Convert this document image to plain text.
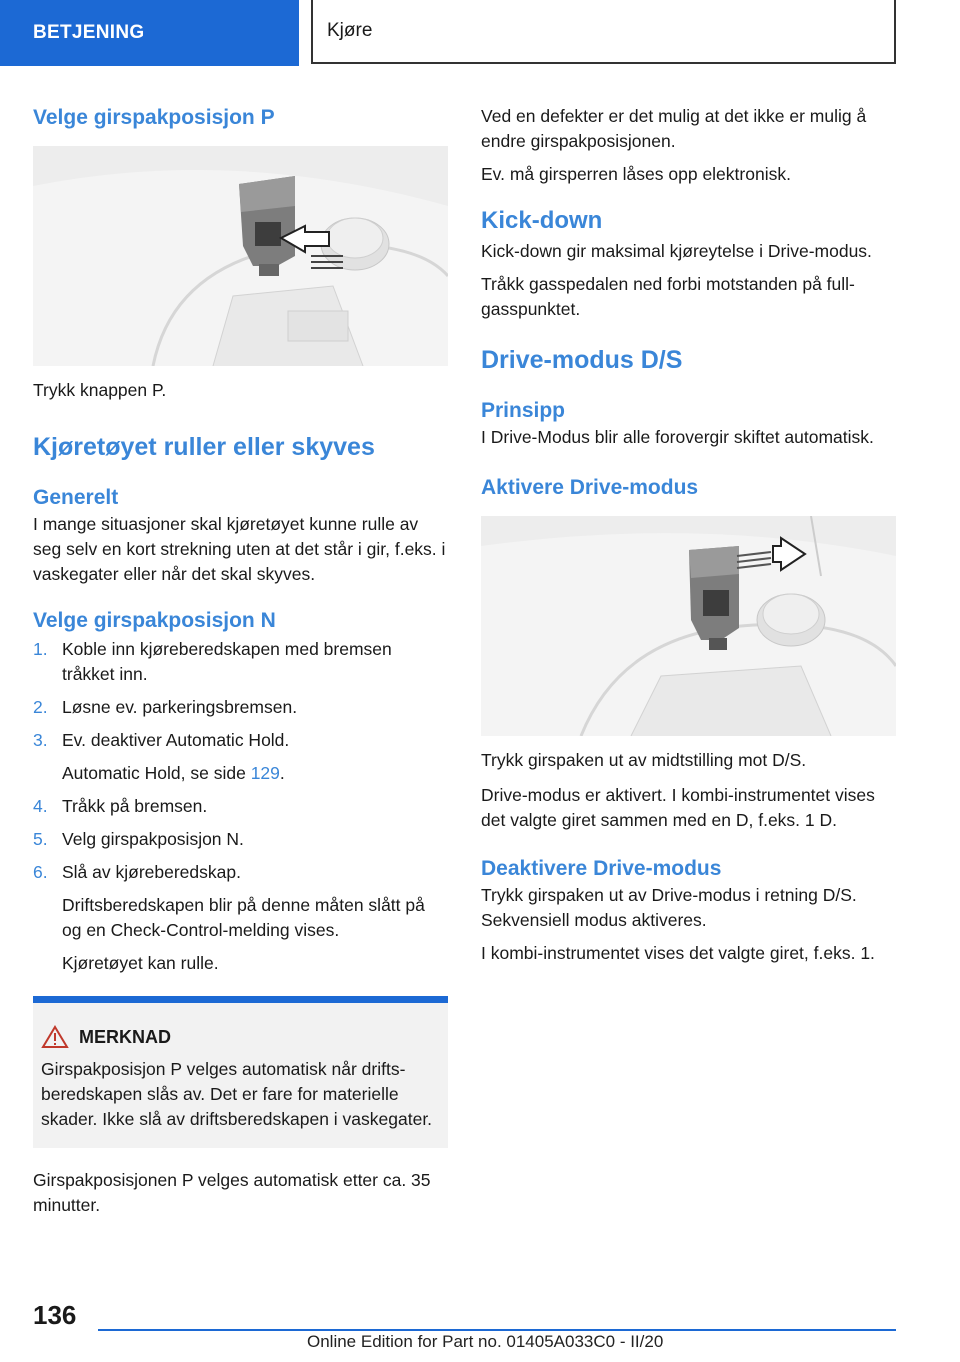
BETJENING	Kjøre
Velge girspakposisjon P

Trykk knappen P.

Kjøretøyet ruller eller skyves
Generelt

I mange situasjoner skal kjøretøyet kunne rulle av seg selv en kort strekning uten at det står i gir, f.eks. i vaskegater eller når det skal skyves.

Velge girspakposisjon N
1. Koble inn kjøreberedskapen med bremsen tråkket inn.
2. Løsne ev. parkeringsbremsen.
3. Ev. deaktiver Automatic Hold.
Automatic Hold, se side 129.
4. Tråkk på bremsen.
5. Velg girspakposisjon N.
6. Slå av kjøreberedskap.
Driftsberedskapen blir på denne måten slått på og en Check-Control-melding vises.
Kjøretøyet kan rulle.
MERKNAD

Girspakposisjon P velges automatisk når driftsberedskapen slås av. Det er fare for materielle skader. Ikke slå av driftsberedskapen i vaskegater.

Girspakposisjonen P velges automatisk etter ca. 35 minutter.

Ved en defekter er det mulig at det ikke er mulig å endre girspakposisjonen.

Ev. må girsperren låses opp elektronisk.

Kick-down

Kick-down gir maksimal kjøreytelse i Drive-modus.

Tråkk gasspedalen ned forbi motstanden på fullgasspunktet.

Drive-modus D/S
Prinsipp

I Drive-Modus blir alle forovergir skiftet automatisk.

Aktivere Drive-modus

Trykk girspaken ut av midtstilling mot D/S.

Drive-modus er aktivert. I kombi-instrumentet vises det valgte giret sammen med en D, f.eks. 1 D.

Deaktivere Drive-modus

Trykk girspaken ut av Drive-modus i retning D/S. Sekvensiell modus aktiveres.

I kombi-instrumentet vises det valgte giret, f.eks. 1.

136
Online Edition for Part no. 01405A033C0 - II/20
